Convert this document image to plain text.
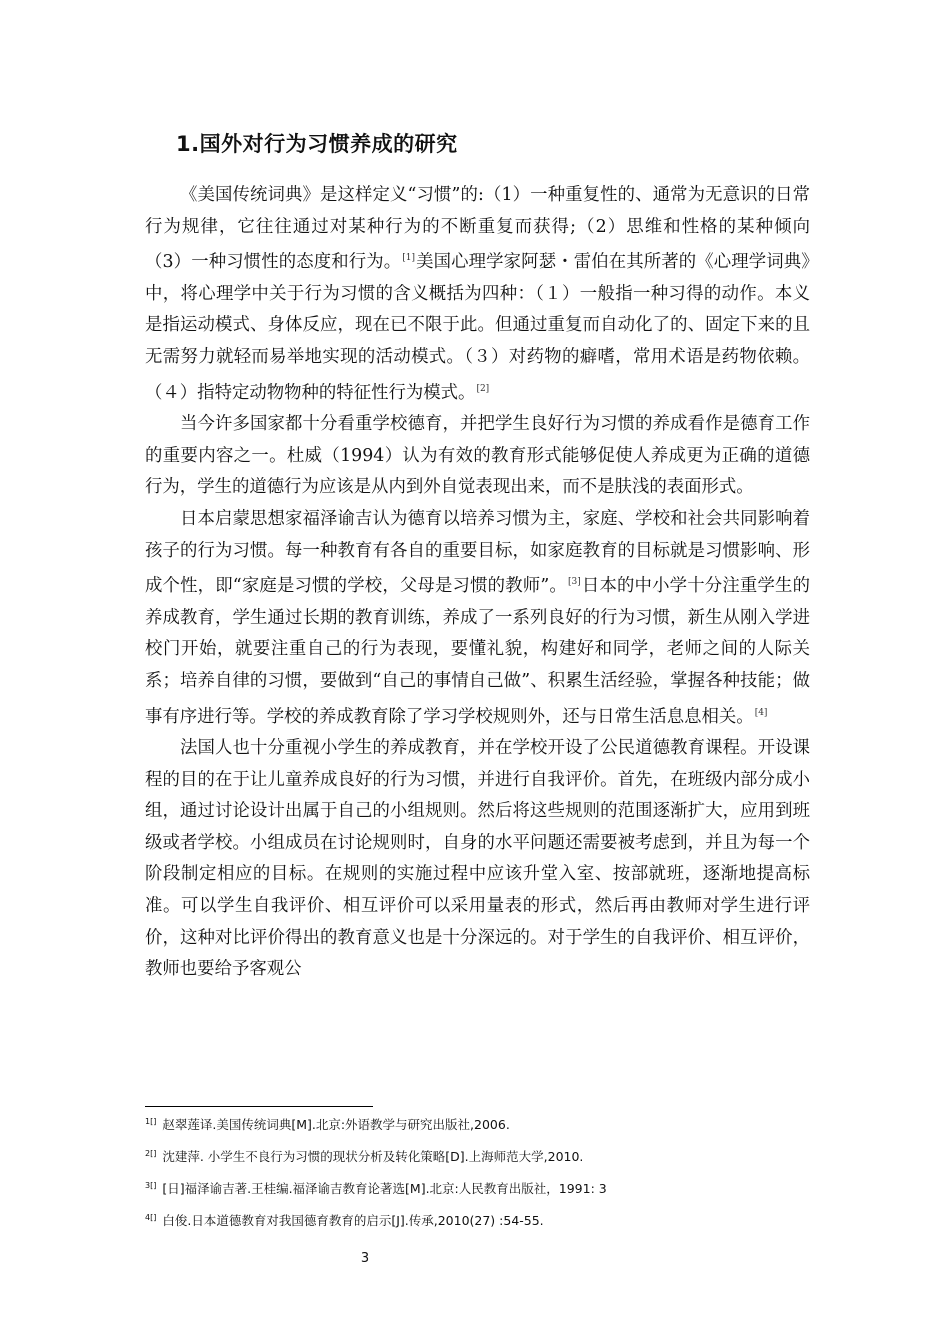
1.国外对行为习惯养成的研究

《美国传统词典》是这样定义“习惯”的:（1）一种重复性的、通常为无意识的日常行为规律，它往往通过对某种行为的不断重复而获得;（2）思维和性格的某种倾向 （3）一种习惯性的态度和行为。[1]美国心理学家阿瑟・雷伯在其所著的《心理学词典》中，将心理学中关于行为习惯的含义概括为四种：（１）一般指一种习得的动作。本义是指运动模式、身体反应，现在已不限于此。但通过重复而自动化了的、固定下来的且无需努力就轻而易举地实现的活动模式。（３）对药物的癖嗜，常用术语是药物依赖。（４）指特定动物物种的特征性行为模式。[2]

当今许多国家都十分看重学校德育，并把学生良好行为习惯的养成看作是德育工作的重要内容之一。杜威（1994）认为有效的教育形式能够促使人养成更为正确的道德行为，学生的道德行为应该是从内到外自觉表现出来，而不是肤浅的表面形式。

日本启蒙思想家福泽谕吉认为德育以培养习惯为主，家庭、学校和社会共同影响着孩子的行为习惯。每一种教育有各自的重要目标，如家庭教育的目标就是习惯影响、形成个性，即“家庭是习惯的学校，父母是习惯的教师”。[3]日本的中小学十分注重学生的养成教育，学生通过长期的教育训练，养成了一系列良好的行为习惯，新生从刚入学进校门开始，就要注重自己的行为表现，要懂礼貌，构建好和同学，老师之间的人际关系；培养自律的习惯，要做到“自己的事情自己做”、积累生活经验，掌握各种技能；做事有序进行等。学校的养成教育除了学习学校规则外，还与日常生活息息相关。[4]

法国人也十分重视小学生的养成教育，并在学校开设了公民道德教育课程。开设课程的目的在于让儿童养成良好的行为习惯，并进行自我评价。首先，在班级内部分成小组，通过讨论设计出属于自己的小组规则。然后将这些规则的范围逐渐扩大，应用到班级或者学校。小组成员在讨论规则时，自身的水平问题还需要被考虑到，并且为每一个阶段制定相应的目标。在规则的实施过程中应该升堂入室、按部就班，逐渐地提高标准。可以学生自我评价、相互评价可以采用量表的形式，然后再由教师对学生进行评价，这种对比评价得出的教育意义也是十分深远的。对于学生的自我评价、相互评价，教师也要给予客观公

$^{1[]}$ 赵翠莲译.美国传统词典[M].北京:外语教学与研究出版社,2006.
$^{2[]}$ 沈建萍. 小学生不良行为习惯的现状分析及转化策略[D].上海师范大学,2010.
$^{3[]}$ [日]福泽谕吉著.王桂编.福泽谕吉教育论著选[M].北京:人民教育出版社，1991: 3
$^{4[]}$ 白俊.日本道德教育对我国德育教育的启示[J].传承,2010(27) :54-55.
3
